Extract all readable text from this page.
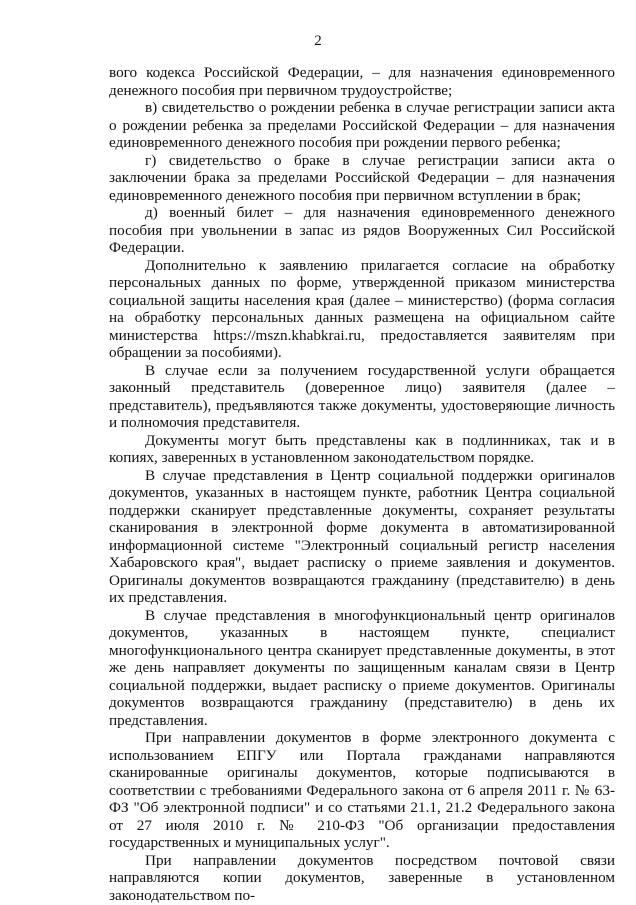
2

вого кодекса Российской Федерации, – для назначения единовременного денежного пособия при первичном трудоустройстве;

в) свидетельство о рождении ребенка в случае регистрации записи акта о рождении ребенка за пределами Российской Федерации – для назначения единовременного денежного пособия при рождении первого ребенка;

г) свидетельство о браке в случае регистрации записи акта о заключении брака за пределами Российской Федерации – для назначения единовременного денежного пособия при первичном вступлении в брак;

д) военный билет – для назначения единовременного денежного пособия при увольнении в запас из рядов Вооруженных Сил Российской Федерации.

Дополнительно к заявлению прилагается согласие на обработку персональных данных по форме, утвержденной приказом министерства социальной защиты населения края (далее – министерство) (форма согласия на обработку персональных данных размещена на официальном сайте министерства https://mszn.khabkrai.ru, предоставляется заявителям при обращении за пособиями).

В случае если за получением государственной услуги обращается законный представитель (доверенное лицо) заявителя (далее – представитель), предъявляются также документы, удостоверяющие личность и полномочия представителя.

Документы могут быть представлены как в подлинниках, так и в копиях, заверенных в установленном законодательством порядке.

В случае представления в Центр социальной поддержки оригиналов документов, указанных в настоящем пункте, работник Центра социальной поддержки сканирует представленные документы, сохраняет результаты сканирования в электронной форме документа в автоматизированной информационной системе "Электронный социальный регистр населения Хабаровского края", выдает расписку о приеме заявления и документов. Оригиналы документов возвращаются гражданину (представителю) в день их представления.

В случае представления в многофункциональный центр оригиналов документов, указанных в настоящем пункте, специалист многофункционального центра сканирует представленные документы, в этот же день направляет документы по защищенным каналам связи в Центр социальной поддержки, выдает расписку о приеме документов. Оригиналы документов возвращаются гражданину (представителю) в день их представления.

При направлении документов в форме электронного документа с использованием ЕПГУ или Портала гражданами направляются сканированные оригиналы документов, которые подписываются в соответствии с требованиями Федерального закона от 6 апреля 2011 г. № 63-ФЗ "Об электронной подписи" и со статьями 21.1, 21.2 Федерального закона от 27 июля 2010 г. № 210-ФЗ "Об организации предоставления государственных и муниципальных услуг".

При направлении документов посредством почтовой связи направляются копии документов, заверенные в установленном законодательством по-
